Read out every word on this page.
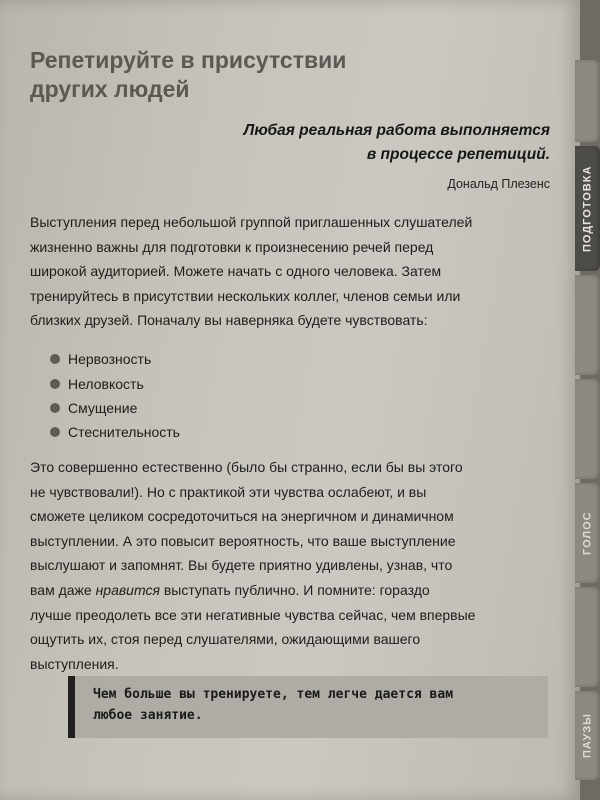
Репетируйте в присутствии
других людей

Любая реальная работа выполняется
в процессе репетиций.

Дональд Плезенс

Выступления перед небольшой группой приглашенных слушателей
жизненно важны для подготовки к произнесению речей перед
широкой аудиторией. Можете начать с одного человека. Затем
тренируйтесь в присутствии нескольких коллег, членов семьи или
близких друзей. Поначалу вы наверняка будете чувствовать:

Нервозность
Неловкость
Смущение
Стеснительность

Это совершенно естественно (было бы странно, если бы вы этого
не чувствовали!). Но с практикой эти чувства ослабеют, и вы
сможете целиком сосредоточиться на энергичном и динамичном
выступлении. А это повысит вероятность, что ваше выступление
выслушают и запомнят. Вы будете приятно удивлены, узнав, что
вам даже нравится выступать публично. И помните: гораздо
лучше преодолеть все эти негативные чувства сейчас, чем впервые
ощутить их, стоя перед слушателями, ожидающими вашего
выступления.

Чем больше вы тренируете, тем легче дается вам
любое занятие.

ПОДГОТОВКА
ГОЛОС
ПАУЗЫ
